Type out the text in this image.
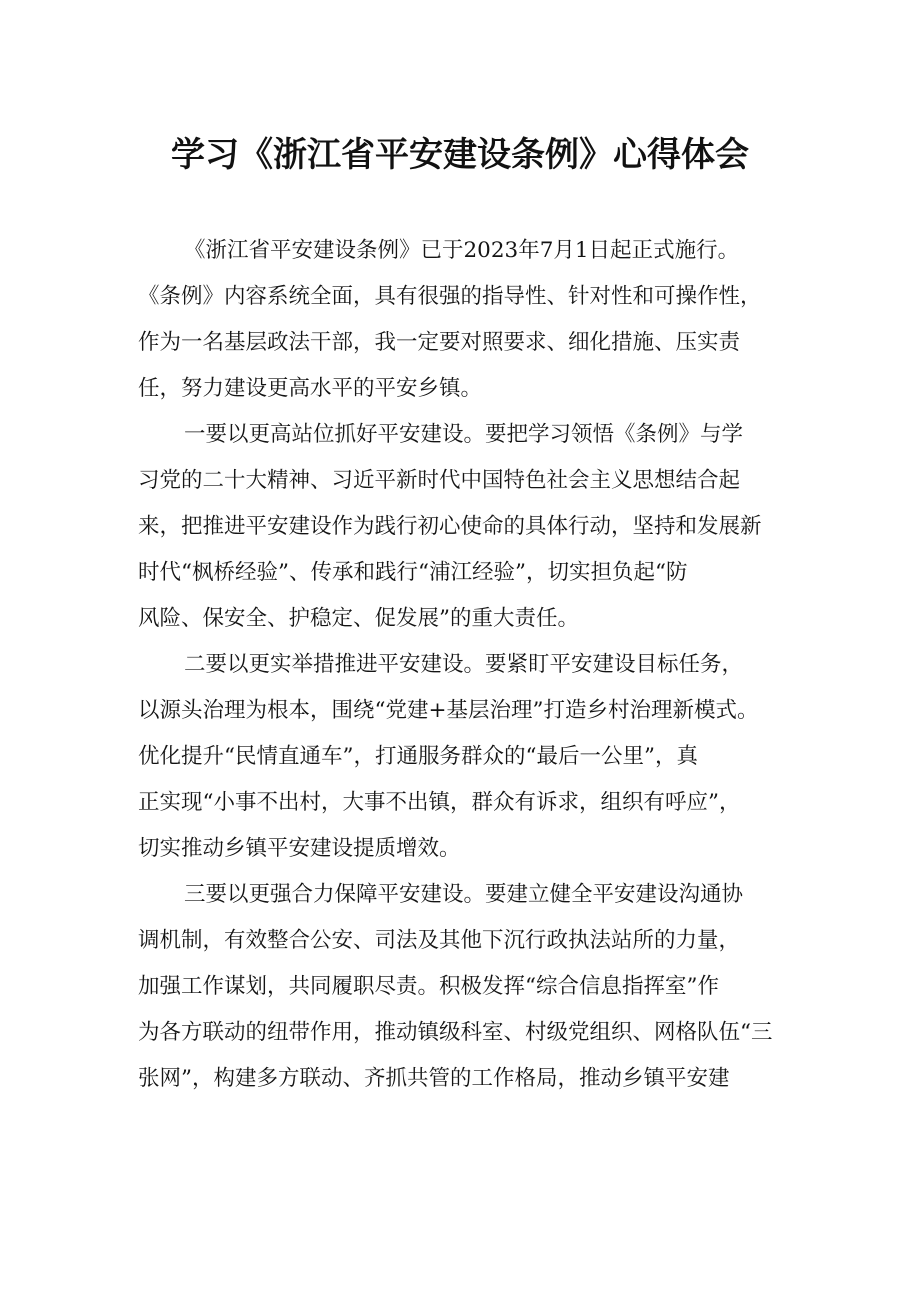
学习《浙江省平安建设条例》心得体会

《浙江省平安建设条例》已于2023年7月1日起正式施行。

《条例》内容系统全面，具有很强的指导性、针对性和可操作性，

作为一名基层政法干部，我一定要对照要求、细化措施、压实责

任，努力建设更高水平的平安乡镇。

一要以更高站位抓好平安建设。要把学习领悟《条例》与学

习党的二十大精神、习近平新时代中国特色社会主义思想结合起

来，把推进平安建设作为践行初心使命的具体行动，坚持和发展新

时代“枫桥经验”、传承和践行“浦江经验”，切实担负起“防

风险、保安全、护稳定、促发展”的重大责任。

二要以更实举措推进平安建设。要紧盯平安建设目标任务，

以源头治理为根本，围绕“党建+基层治理”打造乡村治理新模式。

优化提升“民情直通车”，打通服务群众的“最后一公里”，真

正实现“小事不出村，大事不出镇，群众有诉求，组织有呼应”，

切实推动乡镇平安建设提质增效。

三要以更强合力保障平安建设。要建立健全平安建设沟通协

调机制，有效整合公安、司法及其他下沉行政执法站所的力量，

加强工作谋划，共同履职尽责。积极发挥“综合信息指挥室”作

为各方联动的纽带作用，推动镇级科室、村级党组织、网格队伍“三

张网”，构建多方联动、齐抓共管的工作格局，推动乡镇平安建
